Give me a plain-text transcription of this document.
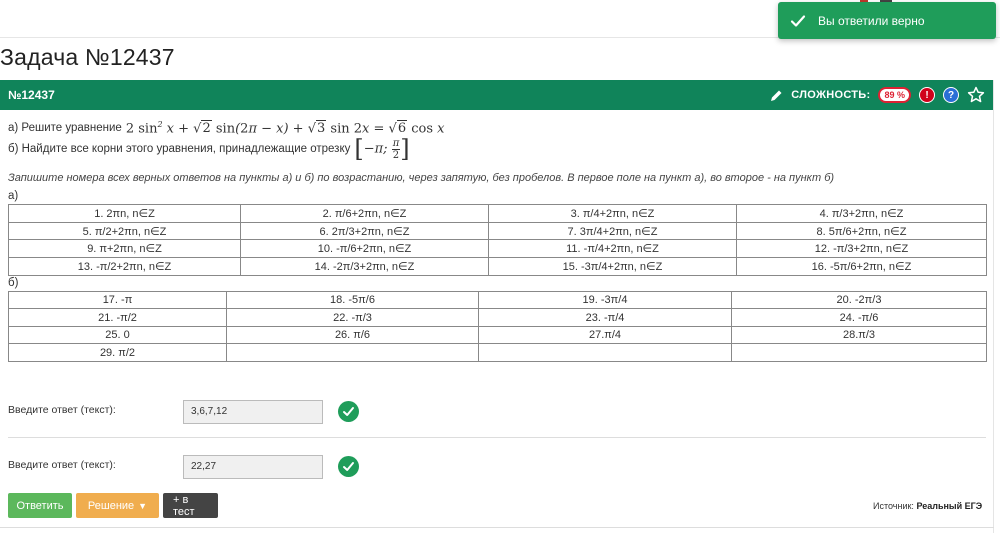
Вы ответили верно
Задача №12437
№12437	СЛОЖНОСТЬ:	89 %	!	?
а) Решите уравнение 2 $\sin^2 x + √2$ sin(2π − x) + √3 sin 2x = √6 cos x
б) Найдите все корни этого уравнения, принадлежащие отрезку [−π; $\frac{\pi}{2}$ ]
Запишите номера всех верных ответов на пункты а) и б) по возрастанию, через запятую, без пробелов. В первое поле на пункт а), во второе - на пункт б)
а)
1. 2πn, n∈Z	2. π/6+2πn, n∈Z	3. π/4+2πn, n∈Z	4. π/3+2πn, n∈Z
5. π/2+2πn, n∈Z	6. 2π/3+2πn, n∈Z	7. 3π/4+2πn, n∈Z	8. 5π/6+2πn, n∈Z
9. π+2πn, n∈Z	10. -π/6+2πn, n∈Z	11. -π/4+2πn, n∈Z	12. -π/3+2πn, n∈Z
13. -π/2+2πn, n∈Z	14. -2π/3+2πn, n∈Z	15. -3π/4+2πn, n∈Z	16. -5π/6+2πn, n∈Z
б)
17. -π	18. -5π/6	19. -3π/4	20. -2π/3
21. -π/2	22. -π/3	23. -π/4	24. -π/6
25. 0	26. π/6	27.π/4	28.π/3
29. π/2			
Введите ответ (текст):	3,6,7,12
Введите ответ (текст):	22,27
Ответить	Решение ▼	+ в тест	Источник: Реальный ЕГЭ
